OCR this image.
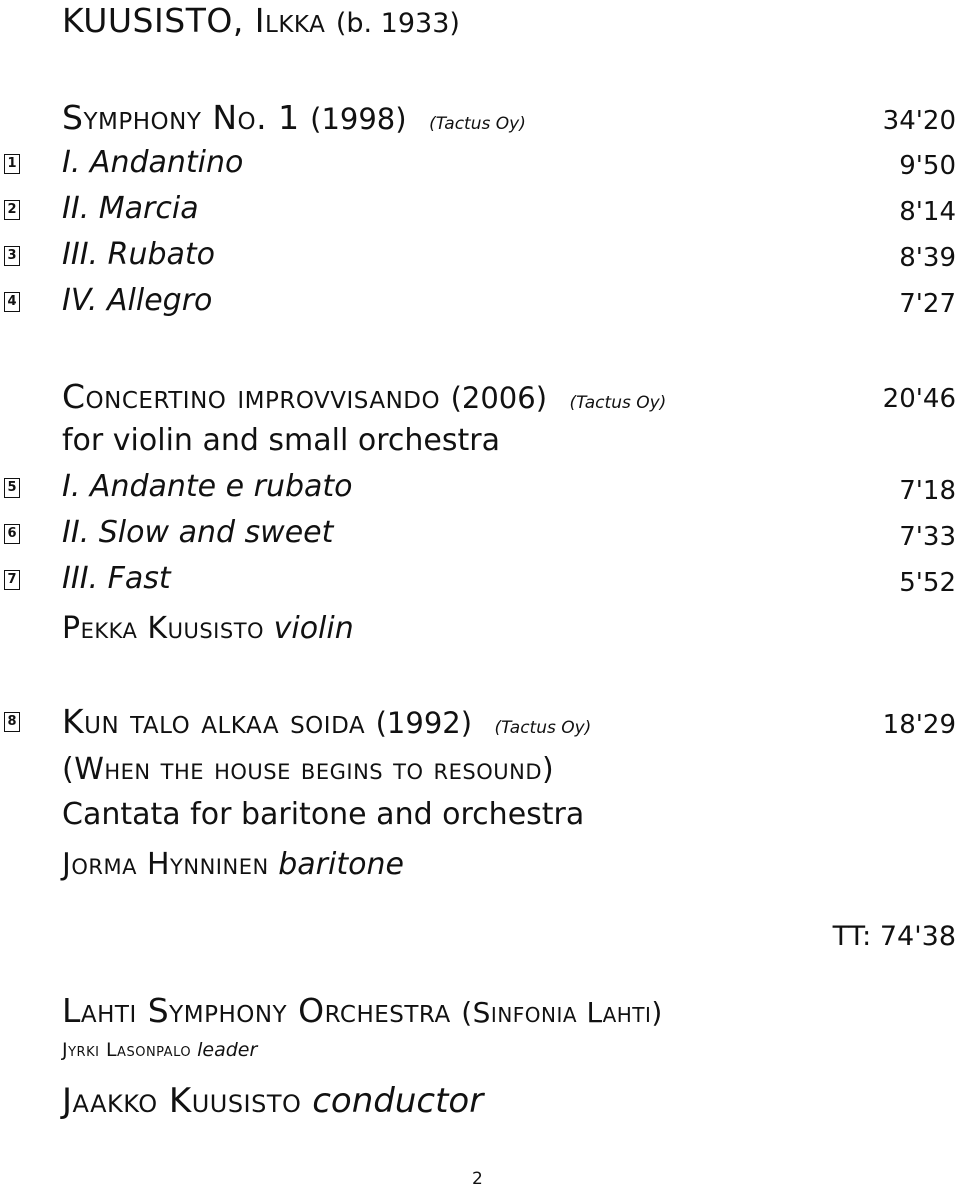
KUUSISTO, Ilkka (b. 1933)
Symphony No. 1 (1998) (Tactus Oy)	34'20
1 I. Andantino	9'50
2 II. Marcia	8'14
3 III. Rubato	8'39
4 IV. Allegro	7'27
Concertino improvvisando (2006) (Tactus Oy)	20'46
for violin and small orchestra
5 I. Andante e rubato	7'18
6 II. Slow and sweet	7'33
7 III. Fast	5'52
Pekka Kuusisto violin
8 Kun talo alkaa soida (1992) (Tactus Oy)	18'29
(When the house begins to resound)
Cantata for baritone and orchestra
Jorma Hynninen baritone
TT: 74'38
Lahti Symphony Orchestra (Sinfonia Lahti)
Jyrki Lasonpalo leader
Jaakko Kuusisto conductor
2
